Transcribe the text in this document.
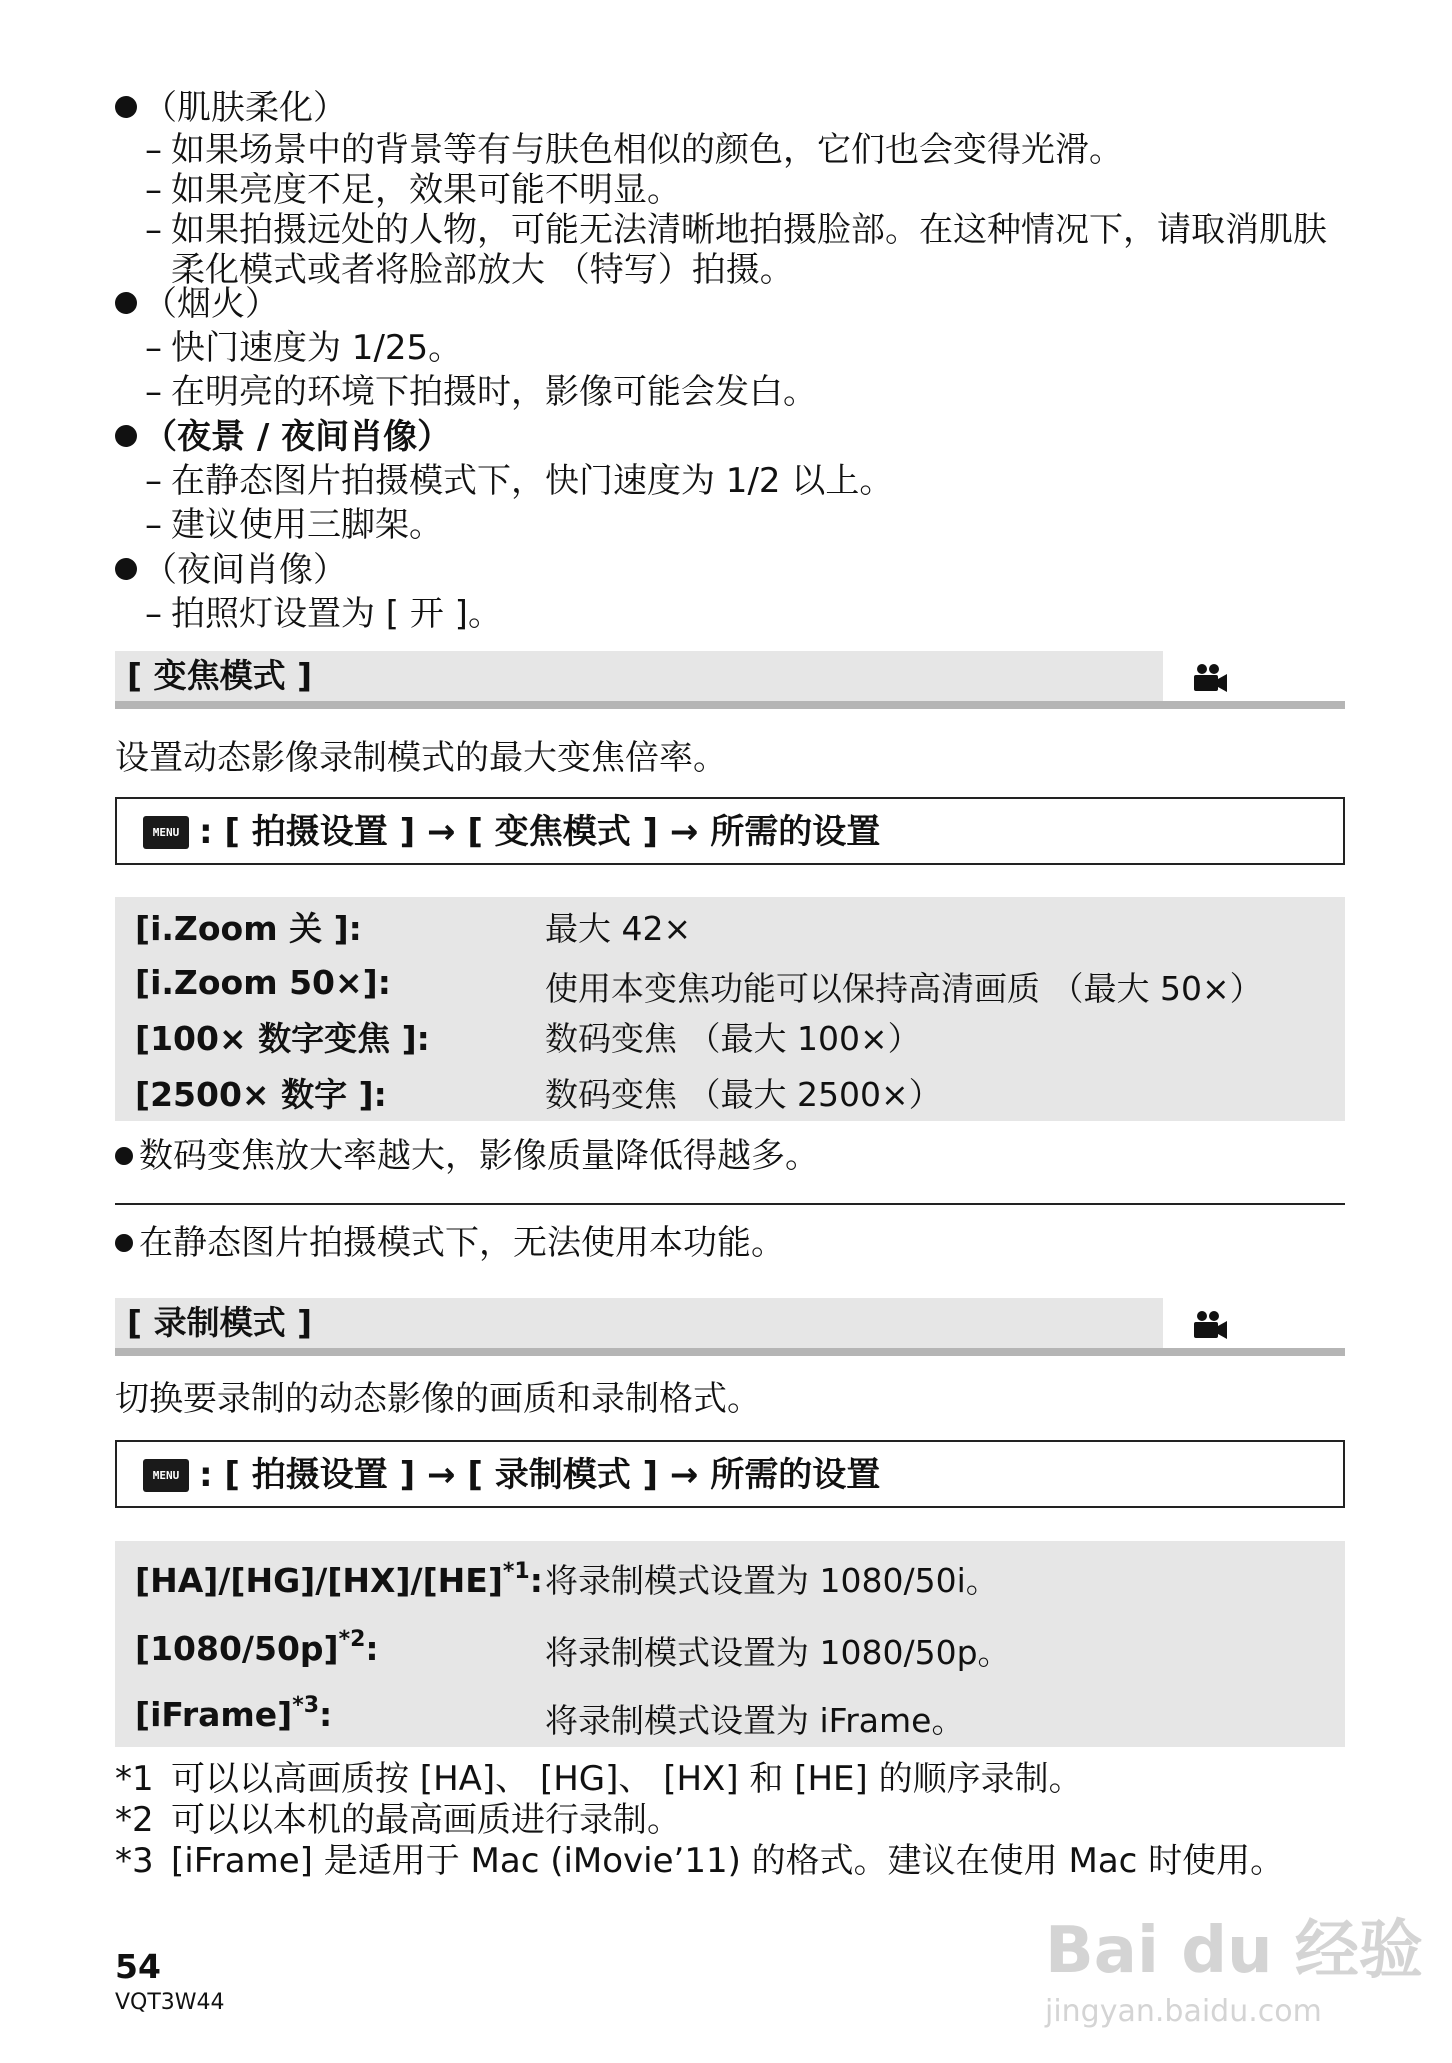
（肌肤柔化）
– 如果场景中的背景等有与肤色相似的颜色，它们也会变得光滑。
– 如果亮度不足，效果可能不明显。
– 如果拍摄远处的人物，可能无法清晰地拍摄脸部。在这种情况下，请取消肌肤柔化模式或者将脸部放大 （特写）拍摄。
（烟火）
– 快门速度为 1/25。
– 在明亮的环境下拍摄时，影像可能会发白。
（夜景 / 夜间肖像）
– 在静态图片拍摄模式下，快门速度为 1/2 以上。
– 建议使用三脚架。
（夜间肖像）
– 拍照灯设置为 [ 开 ]。
[ 变焦模式 ]
设置动态影像录制模式的最大变焦倍率。
MENU : [ 拍摄设置 ] → [ 变焦模式 ] → 所需的设置
[i.Zoom 关 ]:	最大 42×
[i.Zoom 50×]:	使用本变焦功能可以保持高清画质 （最大 50×）
[100× 数字变焦 ]:	数码变焦 （最大 100×）
[2500× 数字 ]:	数码变焦 （最大 2500×）
数码变焦放大率越大，影像质量降低得越多。
在静态图片拍摄模式下，无法使用本功能。
[ 录制模式 ]
切换要录制的动态影像的画质和录制格式。
MENU : [ 拍摄设置 ] → [ 录制模式 ] → 所需的设置
[HA]/[HG]/[HX]/[HE]$^{*1}$: 将录制模式设置为 1080/50i。
$[1080/50p]^{*2}$:	将录制模式设置为 1080/50p。
[iFrame]$^{*3}$:	将录制模式设置为 iFrame。
*1 可以以高画质按 [HA]、 [HG]、 [HX] 和 [HE] 的顺序录制。
*2 可以以本机的最高画质进行录制。
*3 [iFrame] 是适用于 Mac (iMovie’11) 的格式。建议在使用 Mac 时使用。
54
VQT3W44
Bai du 经验
jingyan.baidu.com
